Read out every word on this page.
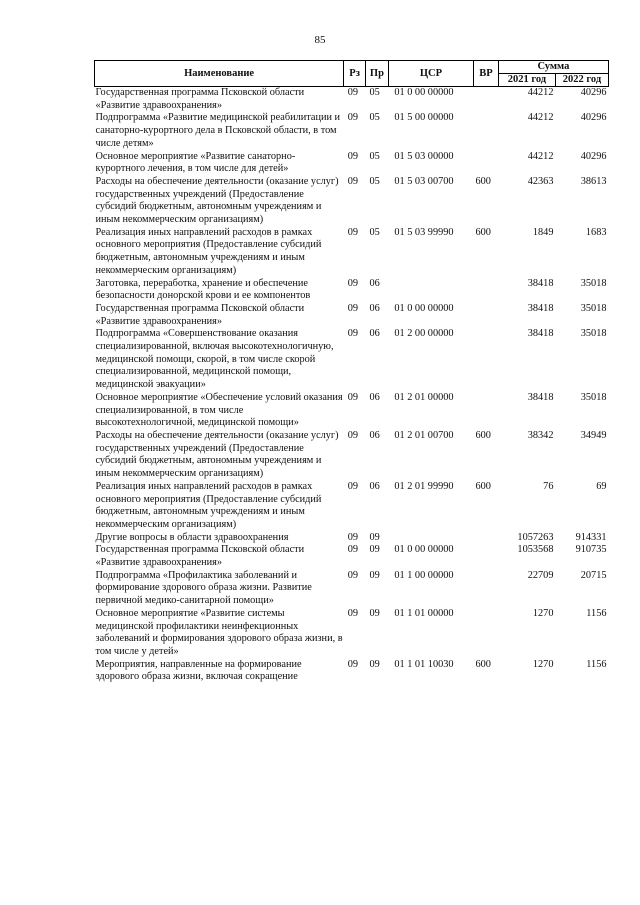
85
Наименование	Рз	Пр	ЦСР	ВР	Сумма	
					2021 год	2022 год
Государственная программа Псковской области «Развитие здравоохранения»	09	05	01 0 00 00000		44212	40296
Подпрограмма «Развитие медицинской реабилитации и санаторно-курортного дела в Псковской области, в том числе детям»	09	05	01 5 00 00000		44212	40296
Основное мероприятие «Развитие санаторно-курортного лечения, в том числе для детей»	09	05	01 5 03 00000		44212	40296
Расходы на обеспечение деятельности (оказание услуг) государственных учреждений (Предоставление субсидий бюджетным, автономным учреждениям и иным некоммерческим организациям)	09	05	01 5 03 00700	600	42363	38613
Реализация иных направлений расходов в рамках основного мероприятия (Предоставление субсидий бюджетным, автономным учреждениям и иным некоммерческим организациям)	09	05	01 5 03 99990	600	1849	1683
Заготовка, переработка, хранение и обеспечение безопасности донорской крови и ее компонентов	09	06			38418	35018
Государственная программа Псковской области «Развитие здравоохранения»	09	06	01 0 00 00000		38418	35018
Подпрограмма «Совершенствование оказания специализированной, включая высокотехнологичную, медицинской помощи, скорой, в том числе скорой специализированной, медицинской помощи, медицинской эвакуации»	09	06	01 2 00 00000		38418	35018
Основное мероприятие «Обеспечение условий оказания специализированной, в том числе высокотехнологичной, медицинской помощи»	09	06	01 2 01 00000		38418	35018
Расходы на обеспечение деятельности (оказание услуг) государственных учреждений (Предоставление субсидий бюджетным, автономным учреждениям и иным некоммерческим организациям)	09	06	01 2 01 00700	600	38342	34949
Реализация иных направлений расходов в рамках основного мероприятия (Предоставление субсидий бюджетным, автономным учреждениям и иным некоммерческим организациям)	09	06	01 2 01 99990	600	76	69
Другие вопросы в области здравоохранения	09	09			1057263	914331
Государственная программа Псковской области «Развитие здравоохранения»	09	09	01 0 00 00000		1053568	910735
Подпрограмма «Профилактика заболеваний и формирование здорового образа жизни. Развитие первичной медико-санитарной помощи»	09	09	01 1 00 00000		22709	20715
Основное мероприятие «Развитие системы медицинской профилактики неинфекционных заболеваний и формирования здорового образа жизни, в том числе у детей»	09	09	01 1 01 00000		1270	1156
Мероприятия, направленные на формирование здорового образа жизни, включая сокращение	09	09	01 1 01 10030	600	1270	1156
